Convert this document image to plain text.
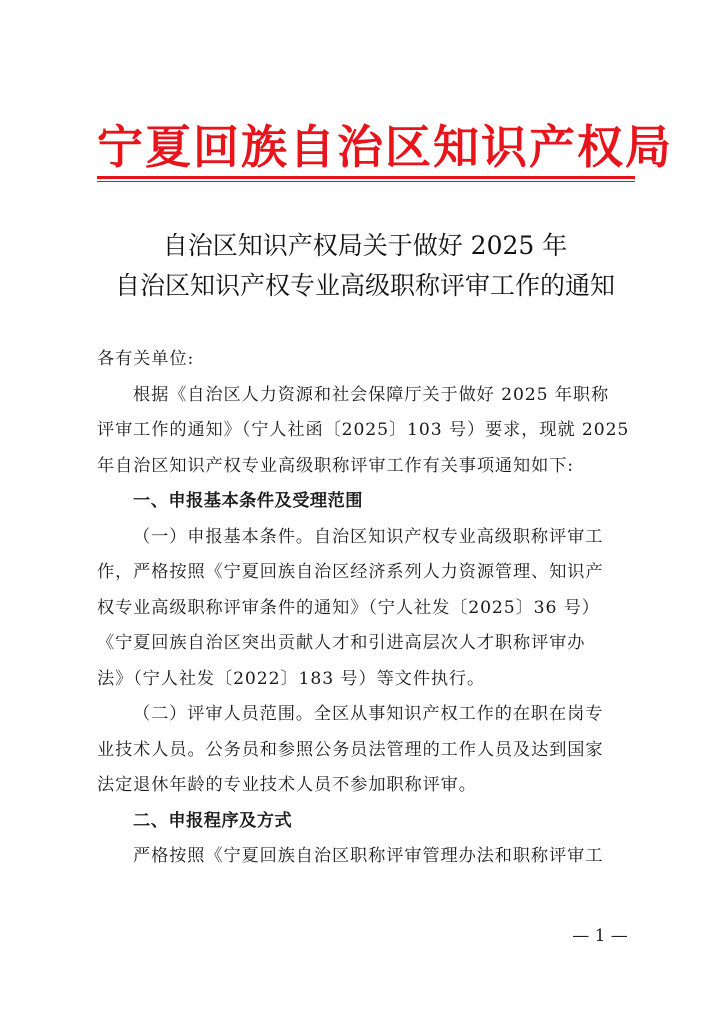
宁夏回族自治区知识产权局
自治区知识产权局关于做好 2025 年
自治区知识产权专业高级职称评审工作的通知
各有关单位:
根据《自治区人力资源和社会保障厅关于做好 2025 年职称
评审工作的通知》（宁人社函〔2025〕103 号）要求，现就 2025
年自治区知识产权专业高级职称评审工作有关事项通知如下:
一、申报基本条件及受理范围
（一）申报基本条件。自治区知识产权专业高级职称评审工
作，严格按照《宁夏回族自治区经济系列人力资源管理、知识产
权专业高级职称评审条件的通知》（宁人社发〔2025〕36 号）
《宁夏回族自治区突出贡献人才和引进高层次人才职称评审办
法》（宁人社发〔2022〕183 号）等文件执行。
（二）评审人员范围。全区从事知识产权工作的在职在岗专
业技术人员。公务员和参照公务员法管理的工作人员及达到国家
法定退休年龄的专业技术人员不参加职称评审。
二、申报程序及方式
严格按照《宁夏回族自治区职称评审管理办法和职称评审工
— 1 —
